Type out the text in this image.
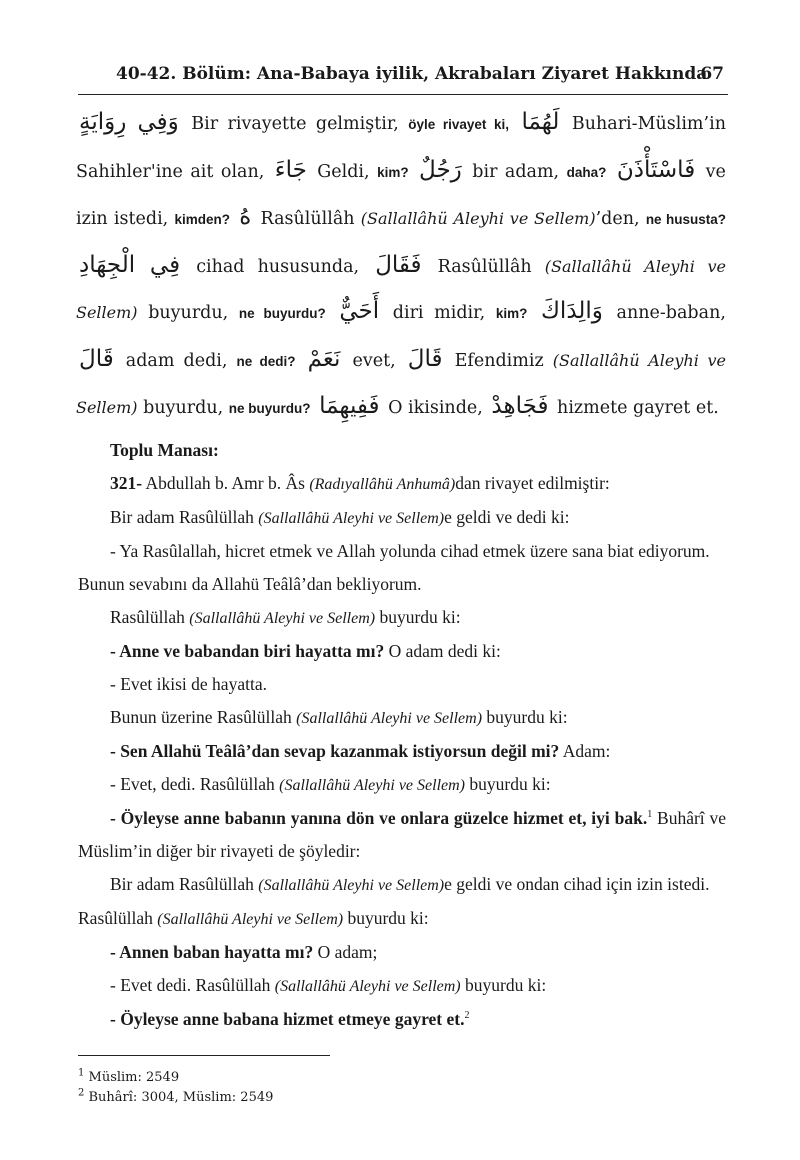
40-42. Bölüm: Ana-Babaya iyilik, Akrabaları Ziyaret Hakkında
67

وَفِي رِوَايَةٍ Bir rivayette gelmiştir, öyle rivayet ki, لَهُمَا Buhari-Müslim’in Sahihler'ine ait olan, جَاءَ Geldi, kim? رَجُلٌ bir adam, daha? فَاسْتَأْذَنَ ve izin istedi, kimden? هُ Rasûlüllâh (Sallallâhü Aleyhi ve Sellem)’den, ne hususta? فِي الْجِهَادِ cihad hususunda, فَقَالَ Rasûlüllâh (Sallallâhü Aleyhi ve Sellem) buyurdu, ne buyurdu? أَحَيٌّ diri midir, kim? وَالِدَاكَ anne-baban, قَالَ adam dedi, ne dedi? نَعَمْ evet, قَالَ Efendimiz (Sallallâhü Aleyhi ve Sellem) buyurdu, ne buyurdu? فَفِيهِمَا O ikisinde, فَجَاهِدْ hizmete gayret et.

Toplu Manası:

321- Abdullah b. Amr b. Âs (Radıyallâhü Anhumâ)dan rivayet edilmiştir:

Bir adam Rasûlüllah (Sallallâhü Aleyhi ve Sellem)e geldi ve dedi ki:

- Ya Rasûlallah, hicret etmek ve Allah yolunda cihad etmek üzere sana biat ediyorum. Bunun sevabını da Allahü Teâlâ’dan bekliyorum.

Rasûlüllah (Sallallâhü Aleyhi ve Sellem) buyurdu ki:

- Anne ve babandan biri hayatta mı? O adam dedi ki:

- Evet ikisi de hayatta.

Bunun üzerine Rasûlüllah (Sallallâhü Aleyhi ve Sellem) buyurdu ki:

- Sen Allahü Teâlâ’dan sevap kazanmak istiyorsun değil mi? Adam:

- Evet, dedi. Rasûlüllah (Sallallâhü Aleyhi ve Sellem) buyurdu ki:

- Öyleyse anne babanın yanına dön ve onlara güzelce hizmet et, iyi bak.$^1$ Buhârî ve Müslim’in diğer bir rivayeti de şöyledir:

Bir adam Rasûlüllah (Sallallâhü Aleyhi ve Sellem)e geldi ve ondan cihad için izin istedi. Rasûlüllah (Sallallâhü Aleyhi ve Sellem) buyurdu ki:

- Annen baban hayatta mı? O adam;

- Evet dedi. Rasûlüllah (Sallallâhü Aleyhi ve Sellem) buyurdu ki:

- Öyleyse anne babana hizmet etmeye gayret et.$^2$

$^1$ Müslim: 2549
$^2$ Buhârî: 3004, Müslim: 2549
